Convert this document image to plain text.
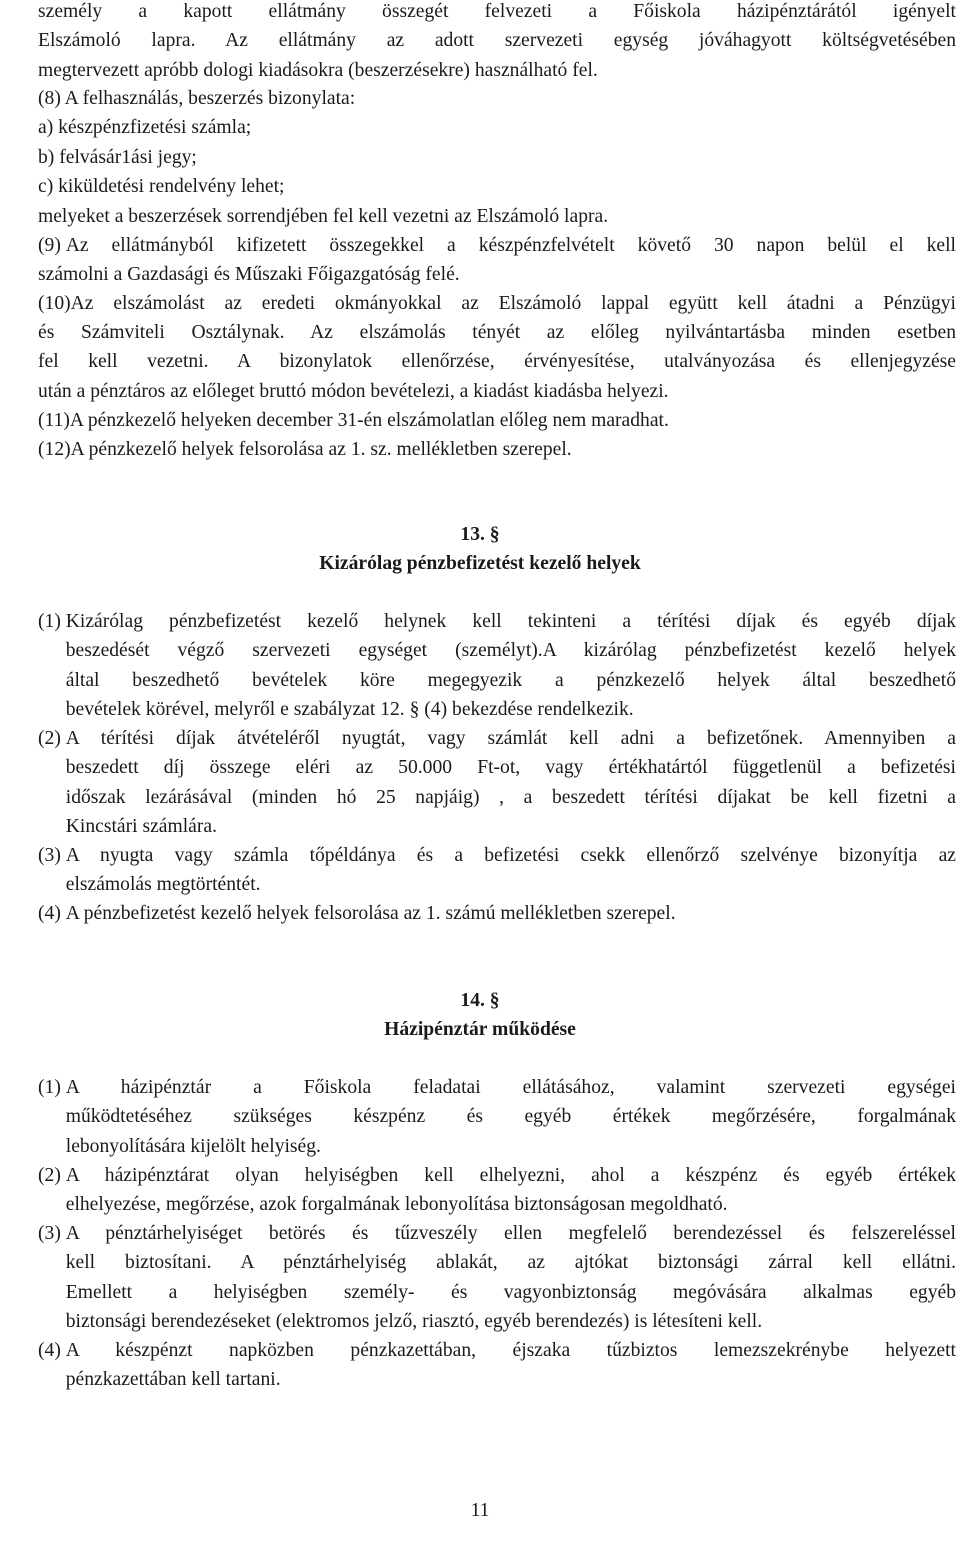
személy a kapott ellátmány összegét felvezeti a Főiskola házipénztárától igényelt
Elszámoló lapra. Az ellátmány az adott szervezeti egység jóváhagyott költségvetésében
megtervezett apróbb dologi kiadásokra (beszerzésekre) használható fel.
(8) A felhasználás, beszerzés bizonylata:
a) készpénzfizetési számla;
b) felvásár1ási jegy;
c) kiküldetési rendelvény lehet;
melyeket a beszerzések sorrendjében fel kell vezetni az Elszámoló lapra.
(9) Az ellátmányból kifizetett összegekkel a készpénzfelvételt követő 30 napon belül el kell
számolni a Gazdasági és Műszaki Főigazgatóság felé.
(10) Az elszámolást az eredeti okmányokkal az Elszámoló lappal együtt kell átadni a Pénzügyi
és Számviteli Osztálynak. Az elszámolás tényét az előleg nyilvántartásba minden esetben
fel kell vezetni. A bizonylatok ellenőrzése, érvényesítése, utalványozása és ellenjegyzése
után a pénztáros az előleget bruttó módon bevételezi, a kiadást kiadásba helyezi.
(11) A pénzkezelő helyeken december 31-én elszámolatlan előleg nem maradhat.
(12) A pénzkezelő helyek felsorolása az 1. sz. mellékletben szerepel.
13. §
Kizárólag pénzbefizetést kezelő helyek
(1) Kizárólag pénzbefizetést kezelő helynek kell tekinteni a térítési díjak és egyéb díjak
beszedését végző szervezeti egységet (személyt).A kizárólag pénzbefizetést kezelő helyek
által beszedhető bevételek köre megegyezik a pénzkezelő helyek által beszedhető
bevételek körével, melyről e szabályzat 12. § (4) bekezdése rendelkezik.
(2) A térítési díjak átvételéről nyugtát, vagy számlát kell adni a befizetőnek. Amennyiben a
beszedett díj összege eléri az 50.000 Ft-ot, vagy értékhatártól függetlenül a befizetési
időszak lezárásával (minden hó 25 napjáig) , a beszedett térítési díjakat be kell fizetni a
Kincstári számlára.
(3) A nyugta vagy számla tőpéldánya és a befizetési csekk ellenőrző szelvénye bizonyítja az
elszámolás megtörténtét.
(4) A pénzbefizetést kezelő helyek felsorolása az 1. számú mellékletben szerepel.
14. §
Házipénztár működése
(1) A házipénztár a Főiskola feladatai ellátásához, valamint szervezeti egységei
működtetéséhez szükséges készpénz és egyéb értékek megőrzésére, forgalmának
lebonyolítására kijelölt helyiség.
(2) A házipénztárat olyan helyiségben kell elhelyezni, ahol a készpénz és egyéb értékek
elhelyezése, megőrzése, azok forgalmának lebonyolítása biztonságosan megoldható.
(3) A pénztárhelyiséget betörés és tűzveszély ellen megfelelő berendezéssel és felszereléssel
kell biztosítani. A pénztárhelyiség ablakát, az ajtókat biztonsági zárral kell ellátni.
Emellett a helyiségben személy- és vagyonbiztonság megóvására alkalmas egyéb
biztonsági berendezéseket (elektromos jelző, riasztó, egyéb berendezés) is létesíteni kell.
(4) A készpénzt napközben pénzkazettában, éjszaka tűzbiztos lemezszekrénybe helyezett
pénzkazettában kell tartani.
11
